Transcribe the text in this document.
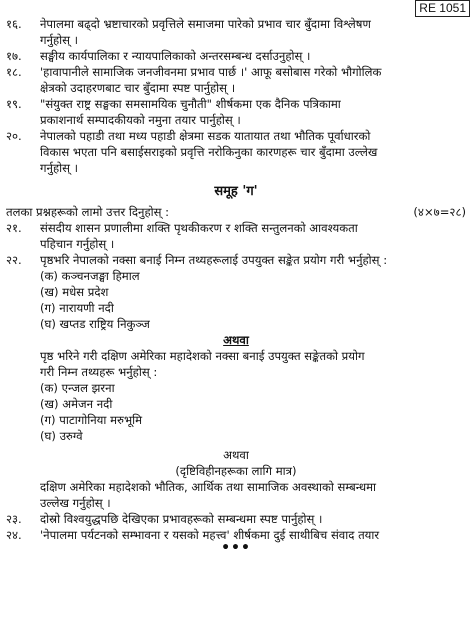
RE 1051
१६.	नेपालमा बढ्दो भ्रष्टाचारको प्रवृत्तिले समाजमा पारेको प्रभाव चार बुँदामा विश्लेषण
गर्नुहोस् ।
१७.	सङ्घीय कार्यपालिका र न्यायपालिकाको अन्तरसम्बन्ध दर्साउनुहोस् ।
१८.	'हावापानीले सामाजिक जनजीवनमा प्रभाव पार्छ ।' आफू बसोबास गरेको भौगोलिक
क्षेत्रको उदाहरणबाट चार बुँदामा स्पष्ट पार्नुहोस् ।
१९.	"संयुक्त राष्ट्र सङ्घका समसामयिक चुनौती" शीर्षकमा एक दैनिक पत्रिकामा
प्रकाशनार्थ सम्पादकीयको नमुना तयार पार्नुहोस् ।
२०.	नेपालको पहाडी तथा मध्य पहाडी क्षेत्रमा सडक यातायात तथा भौतिक पूर्वाधारको
विकास भएता पनि बसाईसराइको प्रवृत्ति नरोकिनुका कारणहरू चार बुँदामा उल्लेख
गर्नुहोस् ।
समूह 'ग'
तलका प्रश्नहरूको लामो उत्तर दिनुहोस् :	(४×७=२८)
२१.	संसदीय शासन प्रणालीमा शक्ति पृथकीकरण र शक्ति सन्तुलनको आवश्यकता
पहिचान गर्नुहोस् ।
२२.	पृष्ठभरि नेपालको नक्सा बनाई निम्न तथ्यहरूलाई उपयुक्त सङ्केत प्रयोग गरी भर्नुहोस् :
(क) कञ्चनजङ्घा हिमाल
(ख) मधेस प्रदेश
(ग) नारायणी नदी
(घ) खप्तड राष्ट्रिय निकुञ्ज
अथवा
पृष्ठ भरिने गरी दक्षिण अमेरिका महादेशको नक्सा बनाई उपयुक्त सङ्केतको प्रयोग
गरी निम्न तथ्यहरू भर्नुहोस् :
(क) एन्जल झरना
(ख) अमेजन नदी
(ग) पाटागोनिया मरुभूमि
(घ) उरुग्वे
अथवा
(दृष्टिविहीनहरूका लागि मात्र)
दक्षिण अमेरिका महादेशको भौतिक, आर्थिक तथा सामाजिक अवस्थाको सम्बन्धमा
उल्लेख गर्नुहोस् ।
२३.	दोस्रो विश्वयुद्धपछि देखिएका प्रभावहरूको सम्बन्धमा स्पष्ट पार्नुहोस् ।
२४.	'नेपालमा पर्यटनको सम्भावना र यसको महत्त्व' शीर्षकमा दुई साथीबिच संवाद तयार
•••
